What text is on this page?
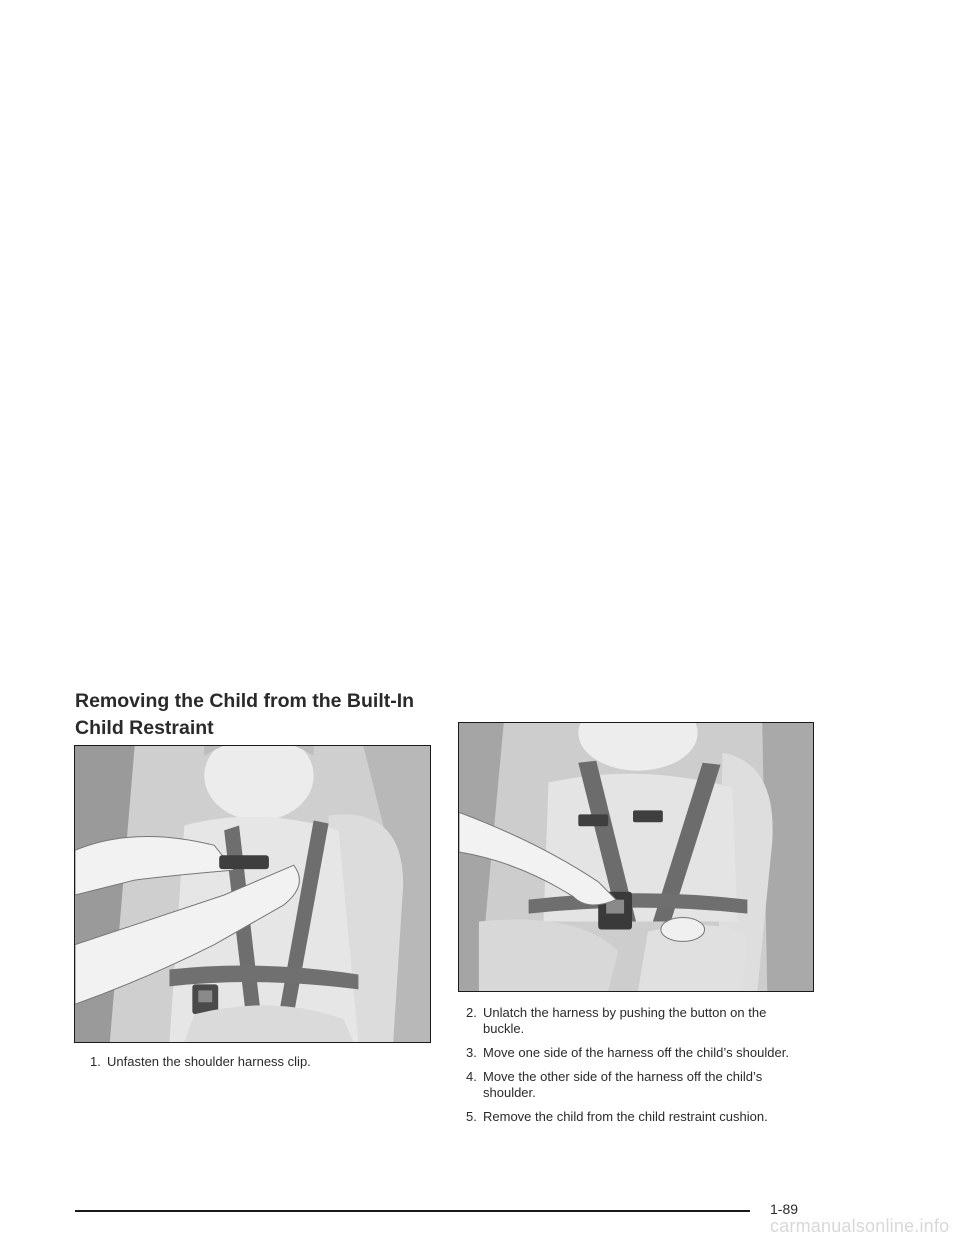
Removing the Child from the Built-In Child Restraint
1. Unfasten the shoulder harness clip.
2. Unlatch the harness by pushing the button on the buckle.
3. Move one side of the harness off the child’s shoulder.
4. Move the other side of the harness off the child’s shoulder.
5. Remove the child from the child restraint cushion.
1-89
carmanualsonline.info
